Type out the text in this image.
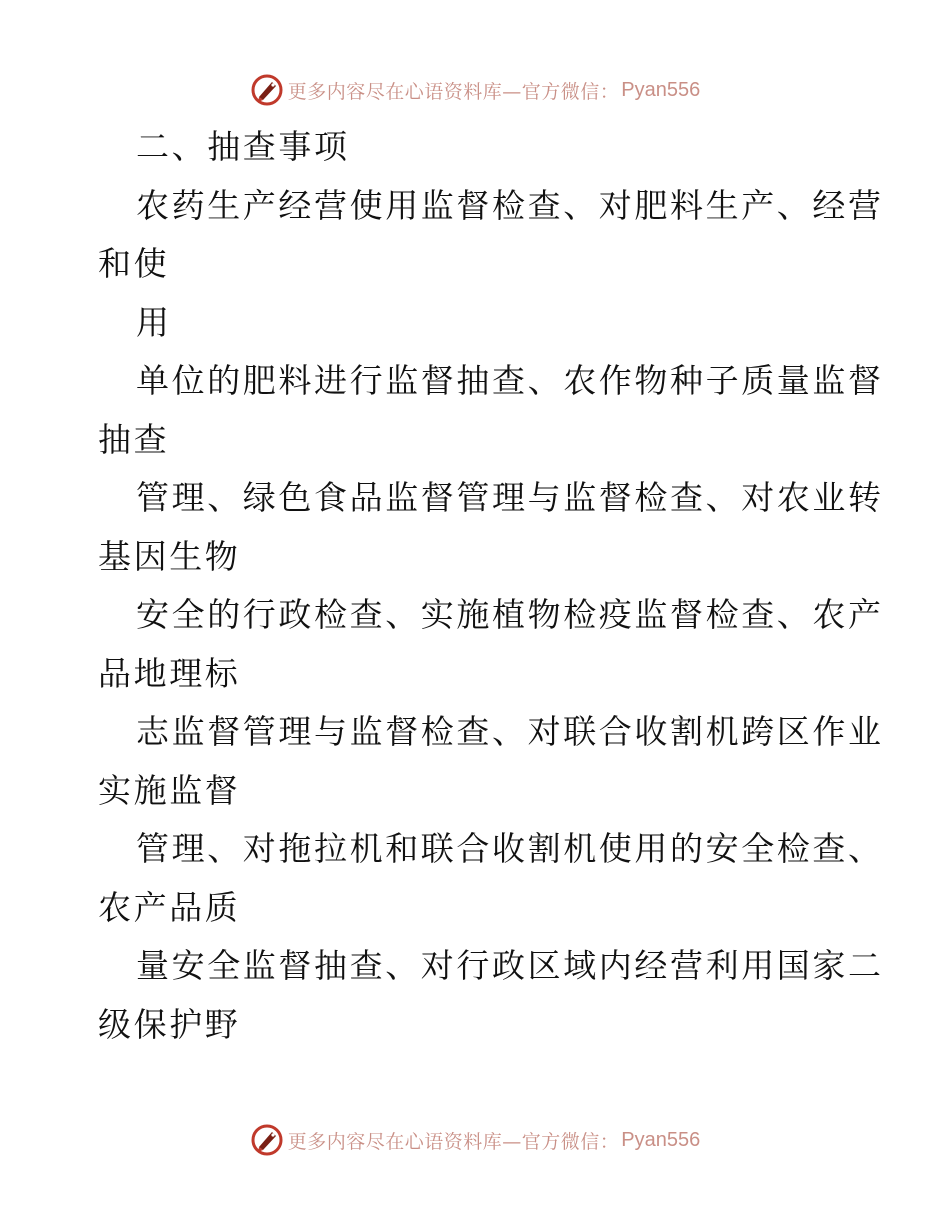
更多内容尽在心语资料库—官方微信： Pyan556
二、抽查事项
农药生产经营使用监督检查、对肥料生产、经营
和使
用
单位的肥料进行监督抽查、农作物种子质量监督
抽查
管理、绿色食品监督管理与监督检查、对农业转
基因生物
安全的行政检查、实施植物检疫监督检查、农产
品地理标
志监督管理与监督检查、对联合收割机跨区作业
实施监督
管理、对拖拉机和联合收割机使用的安全检查、
农产品质
量安全监督抽查、对行政区域内经营利用国家二
级保护野
更多内容尽在心语资料库—官方微信： Pyan556
